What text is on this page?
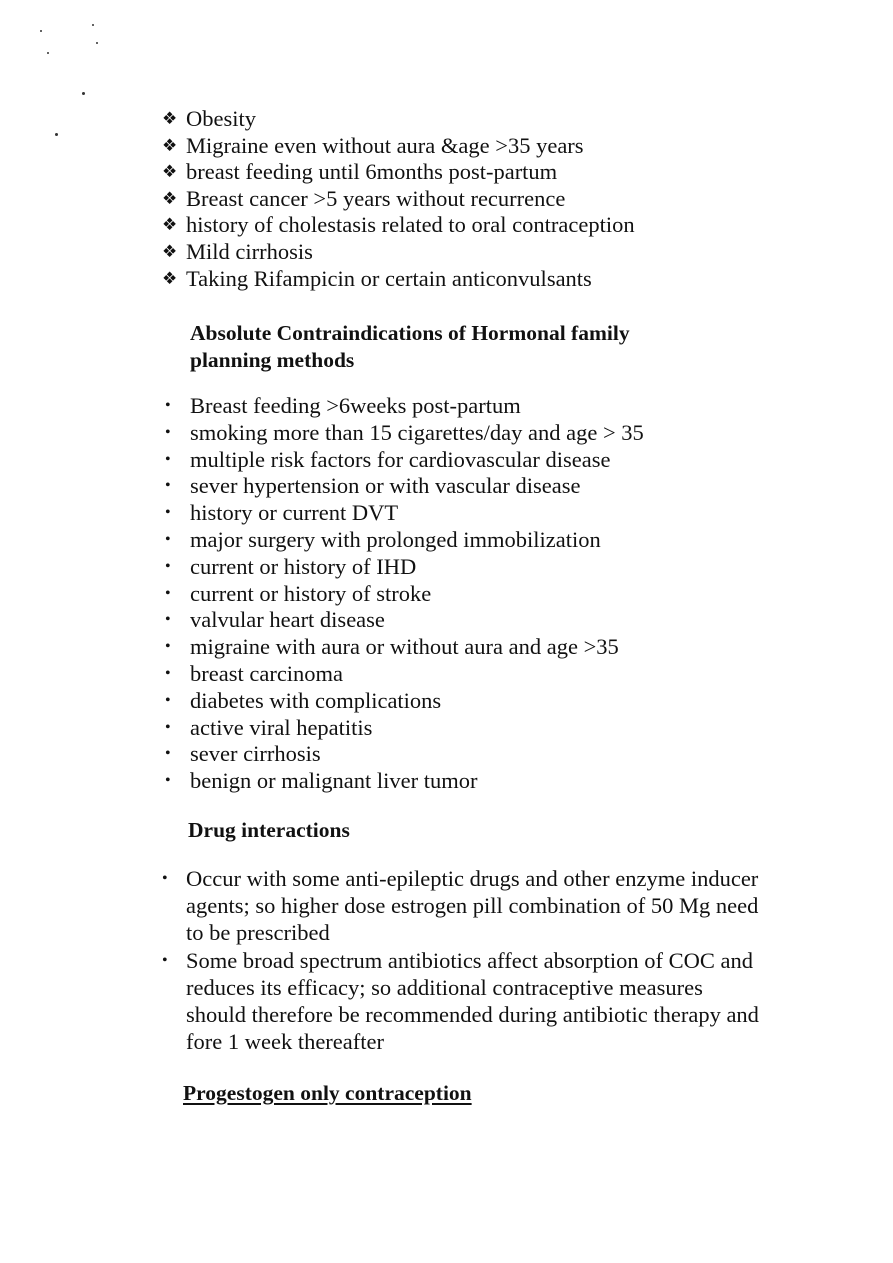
❖ Obesity
❖ Migraine even without aura &age >35 years
❖ breast feeding until 6months post-partum
❖ Breast cancer >5 years without recurrence
❖ history of cholestasis related to oral contraception
❖ Mild cirrhosis
❖ Taking Rifampicin or certain anticonvulsants
Absolute Contraindications of Hormonal family planning methods
• Breast feeding >6weeks post-partum
• smoking more than 15 cigarettes/day and age > 35
• multiple risk factors for cardiovascular disease
• sever hypertension or with vascular disease
• history or current DVT
• major surgery with prolonged immobilization
• current or history of IHD
• current or history of stroke
• valvular heart disease
• migraine with aura or without aura and age >35
• breast carcinoma
• diabetes with complications
• active viral hepatitis
• sever cirrhosis
• benign or malignant liver tumor
Drug interactions
• Occur with some anti-epileptic drugs and other enzyme inducer agents; so higher dose estrogen pill combination of 50 Mg need to be prescribed
• Some broad spectrum antibiotics affect absorption of COC and reduces its efficacy; so additional contraceptive measures should therefore be recommended during antibiotic therapy and fore 1 week thereafter
Progestogen only contraception
